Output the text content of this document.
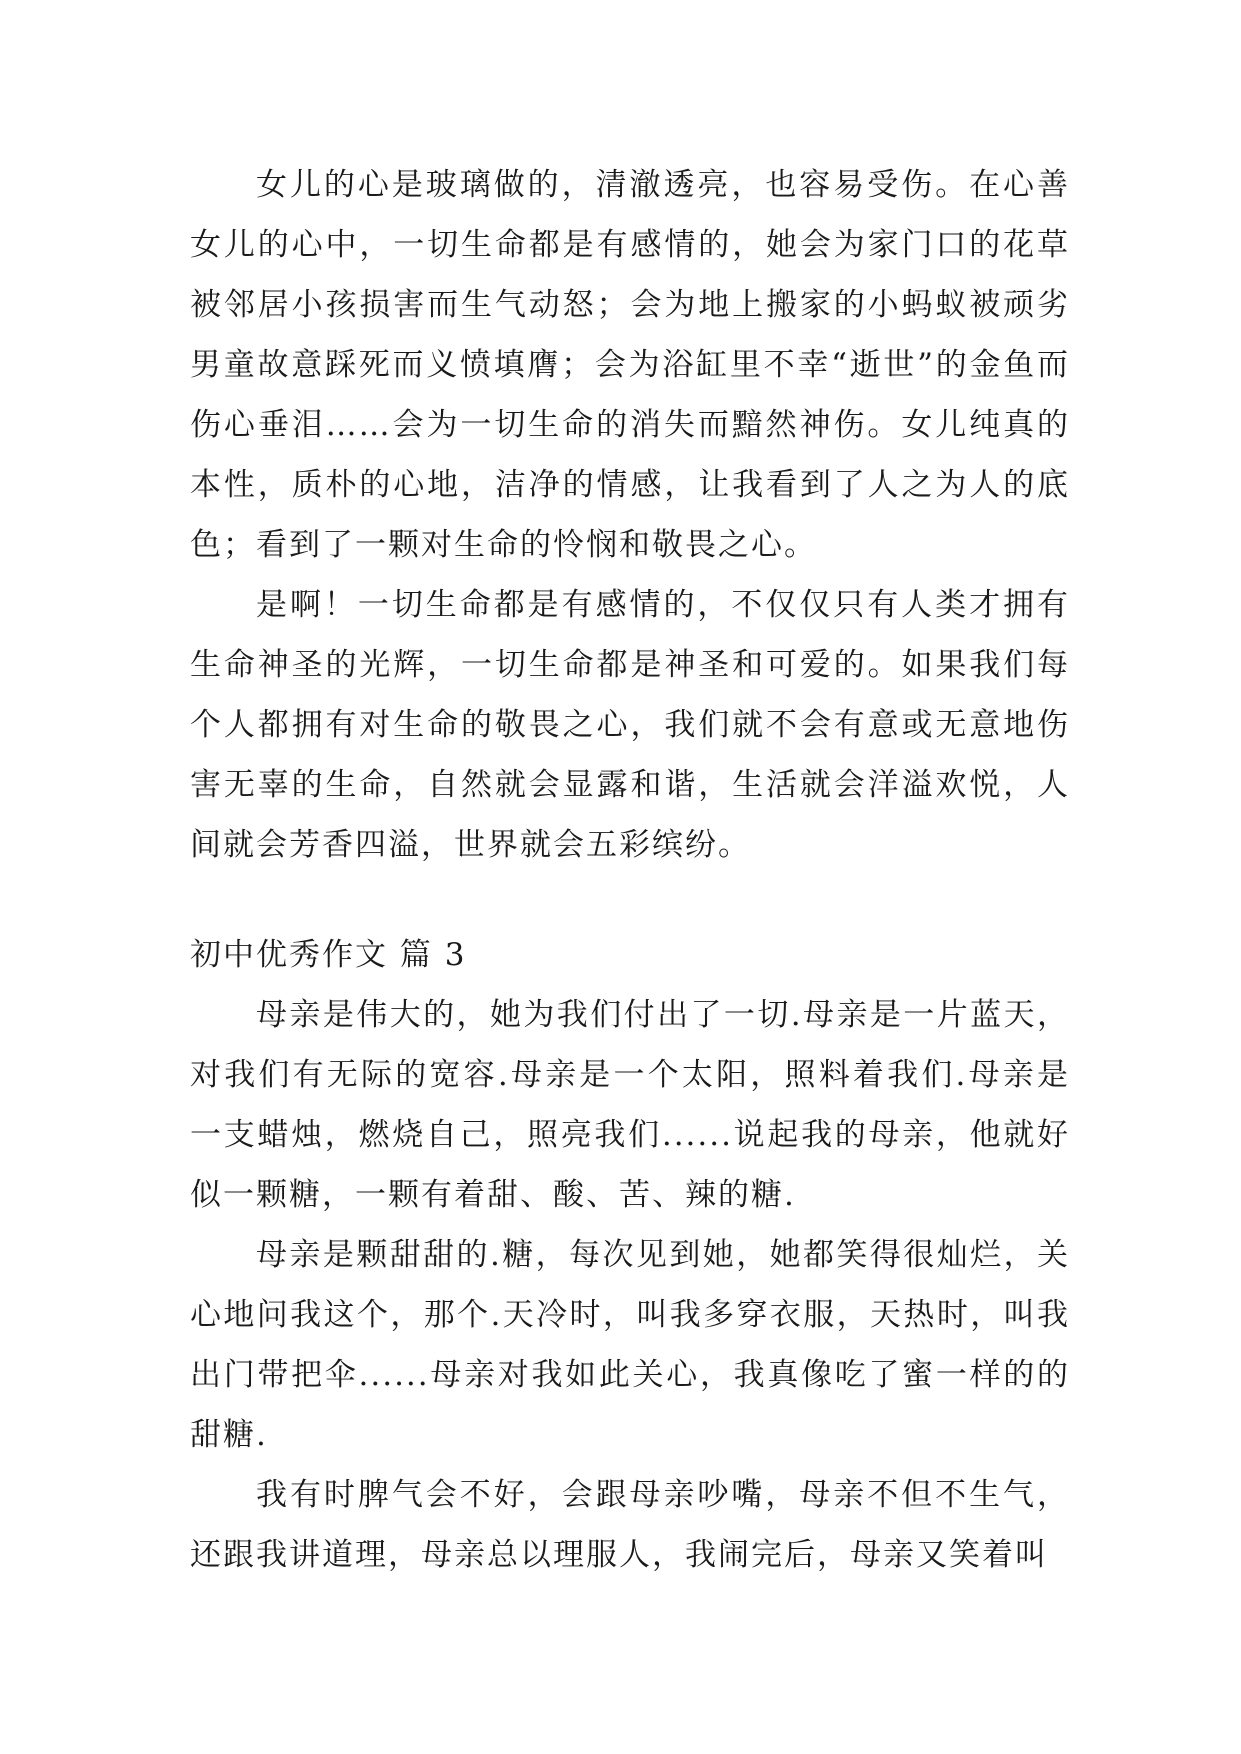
女儿的心是玻璃做的，清澈透亮，也容易受伤。在心善女儿的心中，一切生命都是有感情的，她会为家门口的花草被邻居小孩损害而生气动怒；会为地上搬家的小蚂蚁被顽劣男童故意踩死而义愤填膺；会为浴缸里不幸“逝世”的金鱼而伤心垂泪……会为一切生命的消失而黯然神伤。女儿纯真的本性，质朴的心地，洁净的情感，让我看到了人之为人的底色；看到了一颗对生命的怜悯和敬畏之心。

是啊！一切生命都是有感情的，不仅仅只有人类才拥有生命神圣的光辉，一切生命都是神圣和可爱的。如果我们每个人都拥有对生命的敬畏之心，我们就不会有意或无意地伤害无辜的生命，自然就会显露和谐，生活就会洋溢欢悦，人间就会芳香四溢，世界就会五彩缤纷。

初中优秀作文 篇 3

母亲是伟大的，她为我们付出了一切.母亲是一片蓝天，对我们有无际的宽容.母亲是一个太阳，照料着我们.母亲是一支蜡烛，燃烧自己，照亮我们......说起我的母亲，他就好似一颗糖，一颗有着甜、酸、苦、辣的糖.

母亲是颗甜甜的.糖，每次见到她，她都笑得很灿烂，关心地问我这个，那个.天冷时，叫我多穿衣服，天热时，叫我出门带把伞......母亲对我如此关心，我真像吃了蜜一样的的甜糖.

我有时脾气会不好，会跟母亲吵嘴，母亲不但不生气，还跟我讲道理，母亲总以理服人，我闹完后，母亲又笑着叫
